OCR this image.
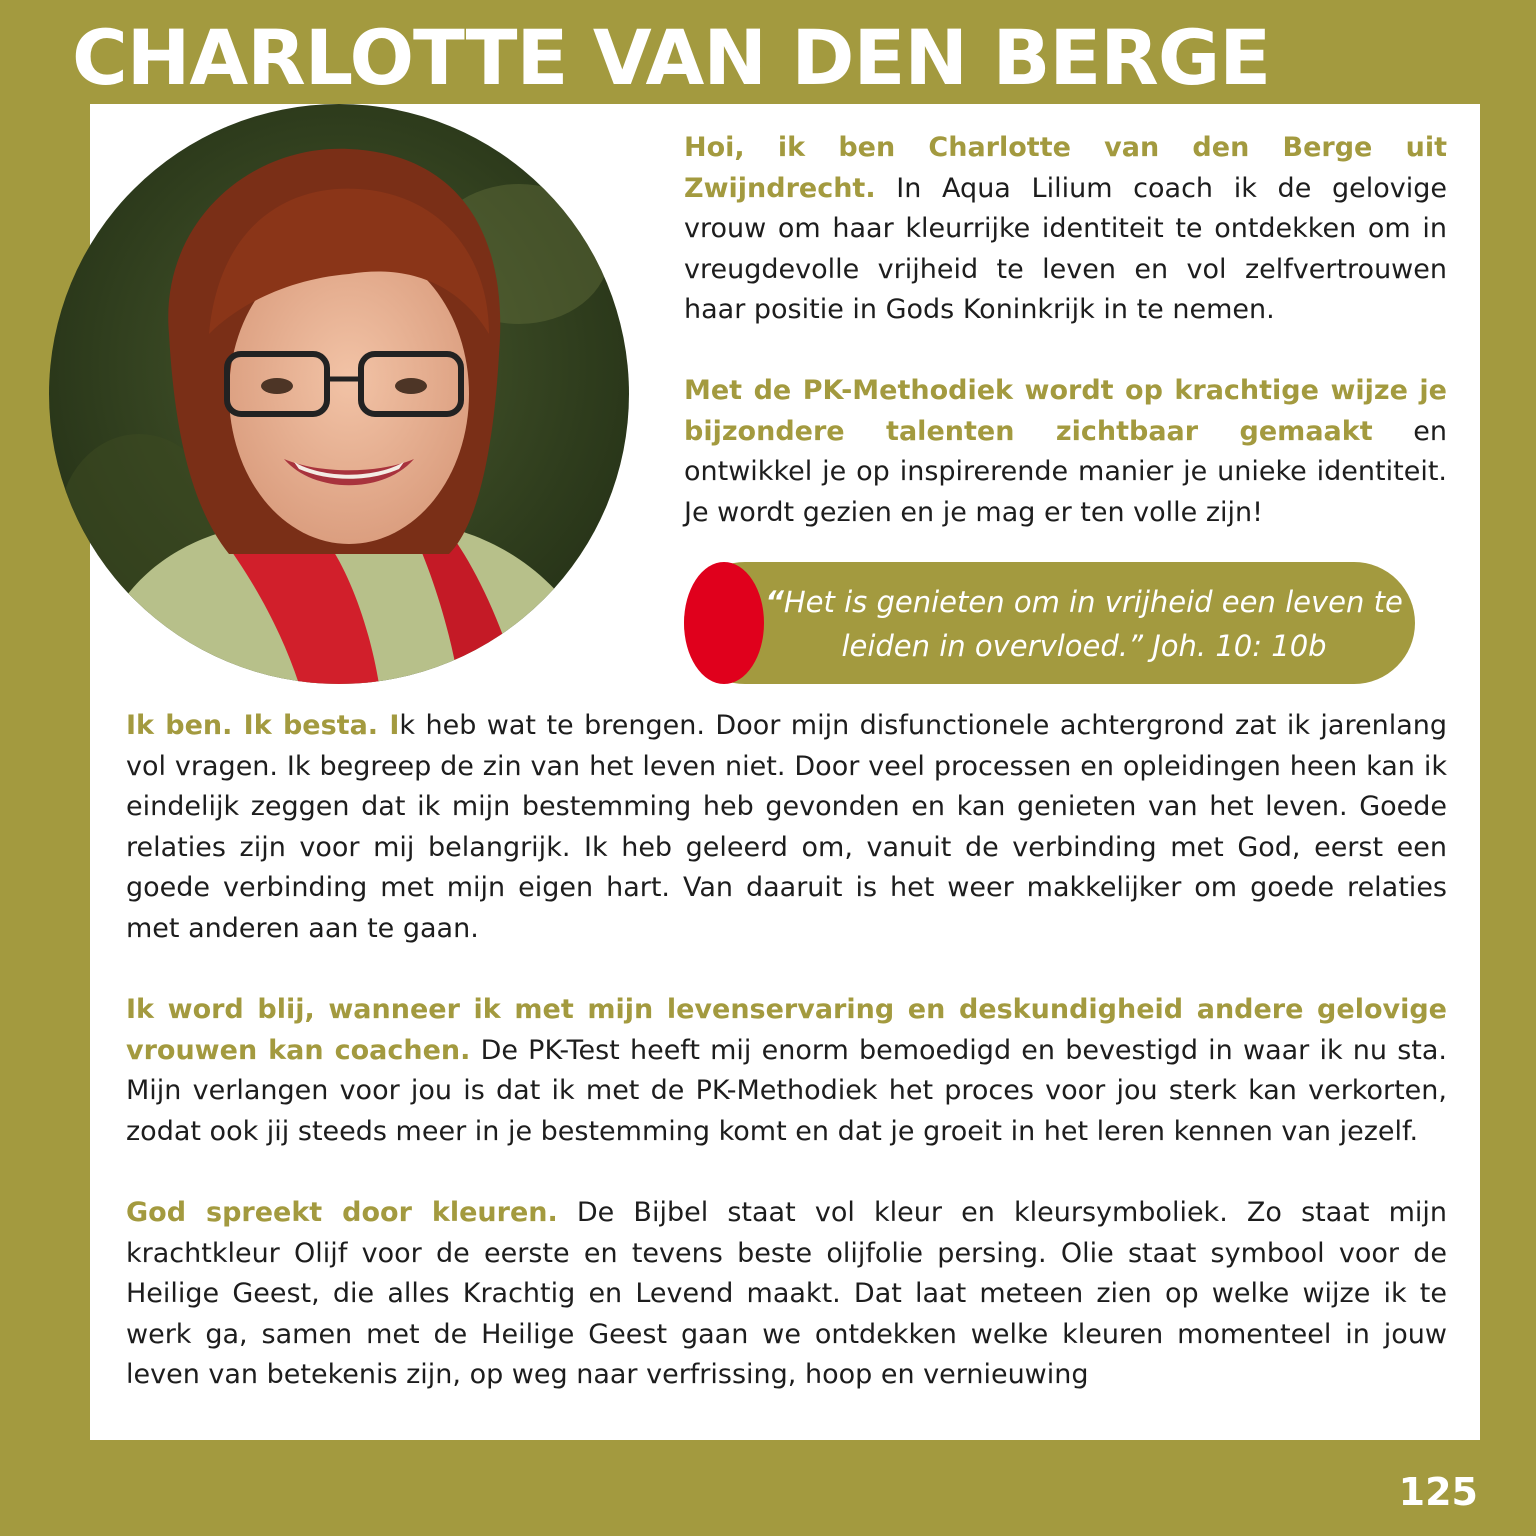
CHARLOTTE VAN DEN BERGE

Hoi, ik ben Charlotte van den Berge uit Zwijndrecht. In Aqua Lilium coach ik de gelovige vrouw om haar kleurrijke identiteit te ontdekken om in vreugdevolle vrijheid te leven en vol zelfvertrouwen haar positie in Gods Koninkrijk in te nemen.

Met de PK-Methodiek wordt op krachtige wijze je bijzondere talenten zichtbaar gemaakt en ontwikkel je op inspirerende manier je unieke identiteit. Je wordt gezien en je mag er ten volle zijn!

“Het is genieten om in vrijheid een leven te leiden in overvloed.” Joh. 10: 10b

Ik ben. Ik besta. Ik heb wat te brengen. Door mijn disfunctionele achtergrond zat ik jarenlang vol vragen. Ik begreep de zin van het leven niet. Door veel processen en opleidingen heen kan ik eindelijk zeggen dat ik mijn bestemming heb gevonden en kan genieten van het leven. Goede relaties zijn voor mij belangrijk. Ik heb geleerd om, vanuit de verbinding met God, eerst een goede verbinding met mijn eigen hart. Van daaruit is het weer makkelijker om goede relaties met anderen aan te gaan.

Ik word blij, wanneer ik met mijn levenservaring en deskundigheid andere gelovige vrouwen kan coachen. De PK-Test heeft mij enorm bemoedigd en bevestigd in waar ik nu sta. Mijn verlangen voor jou is dat ik met de PK-Methodiek het proces voor jou sterk kan verkorten, zodat ook jij steeds meer in je bestemming komt en dat je groeit in het leren kennen van jezelf.

God spreekt door kleuren. De Bijbel staat vol kleur en kleursymboliek. Zo staat mijn krachtkleur Olijf voor de eerste en tevens beste olijfolie persing. Olie staat symbool voor de Heilige Geest, die alles Krachtig en Levend maakt. Dat laat meteen zien op welke wijze ik te werk ga, samen met de Heilige Geest gaan we ontdekken welke kleuren momenteel in jouw leven van betekenis zijn, op weg naar verfrissing, hoop en vernieuwing

125
